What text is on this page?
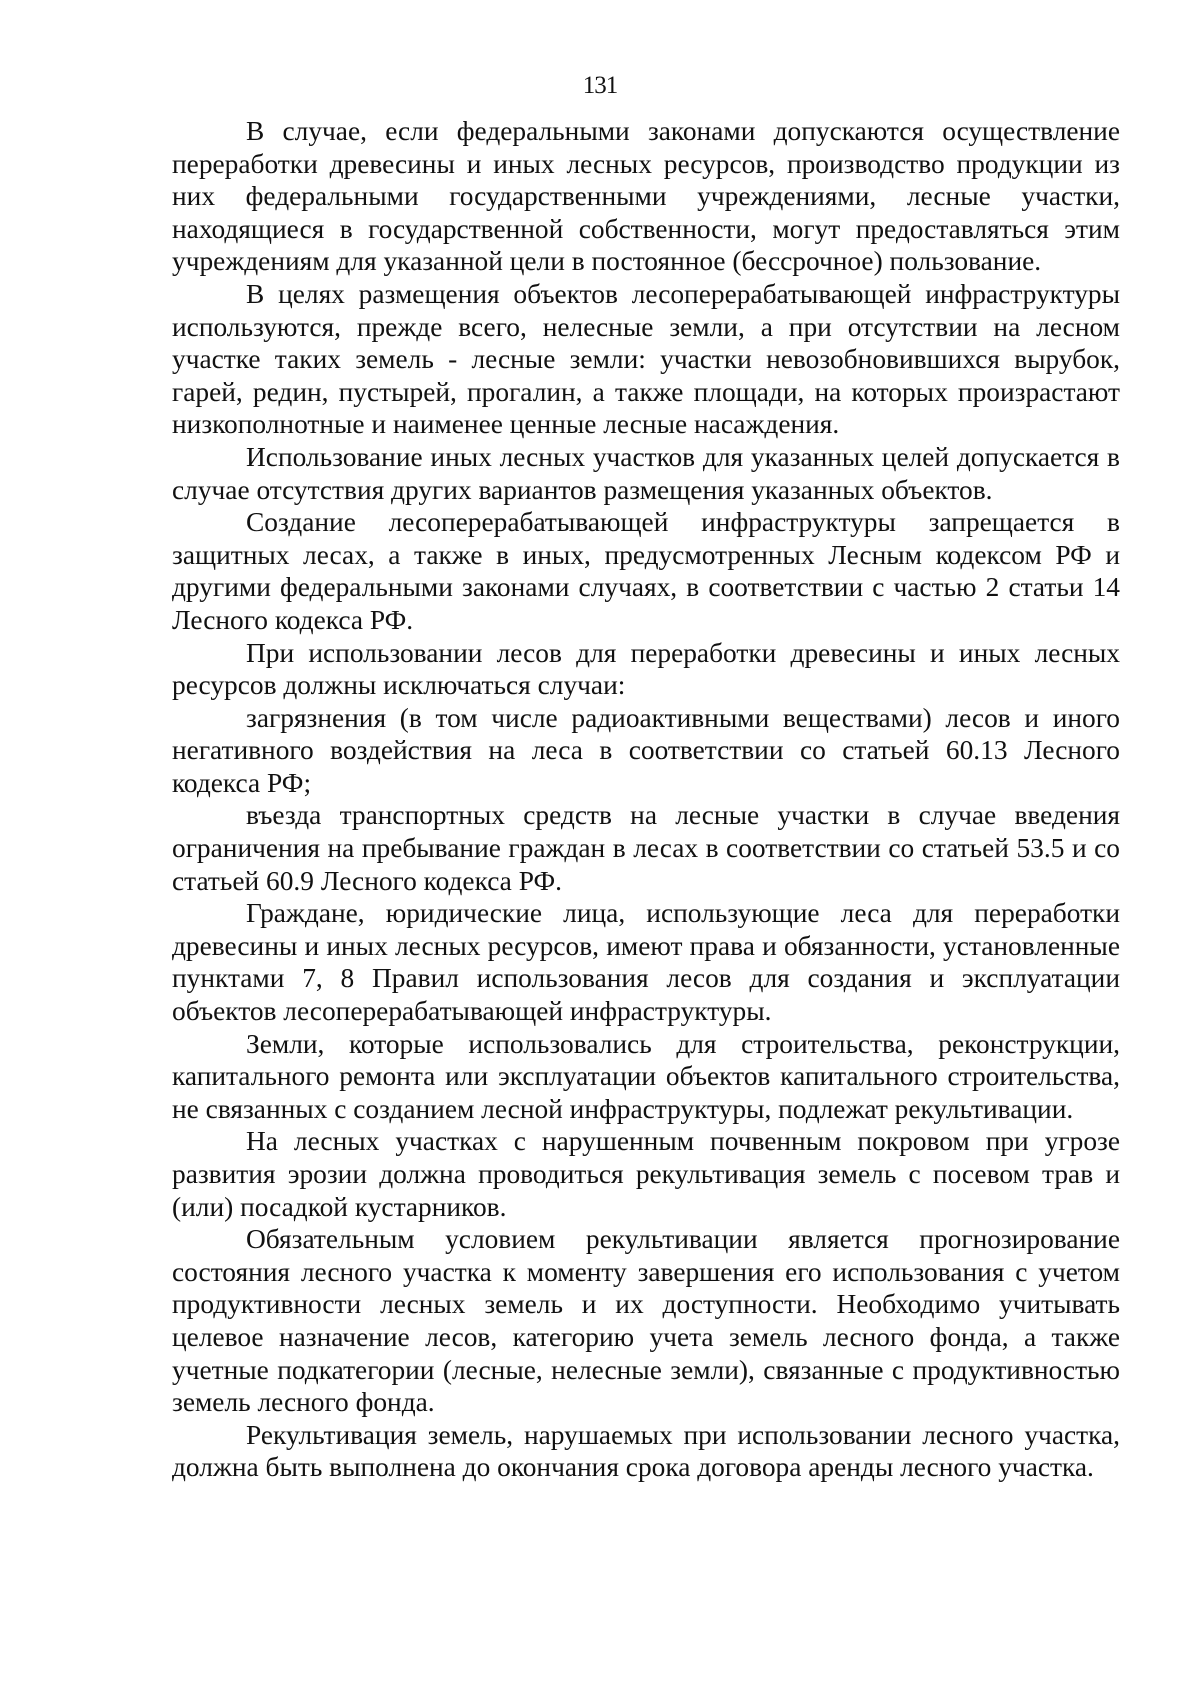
131

В случае, если федеральными законами допускаются осуществление переработки древесины и иных лесных ресурсов, производство продукции из них федеральными государственными учреждениями, лесные участки, находящиеся в государственной собственности, могут предоставляться этим учреждениям для указанной цели в постоянное (бессрочное) пользование.

В целях размещения объектов лесоперерабатывающей инфраструктуры используются, прежде всего, нелесные земли, а при отсутствии на лесном участке таких земель - лесные земли: участки невозобновившихся вырубок, гарей, редин, пустырей, прогалин, а также площади, на которых произрастают низкополнотные и наименее ценные лесные насаждения.

Использование иных лесных участков для указанных целей допускается в случае отсутствия других вариантов размещения указанных объектов.

Создание лесоперерабатывающей инфраструктуры запрещается в защитных лесах, а также в иных, предусмотренных Лесным кодексом РФ и другими федеральными законами случаях, в соответствии с частью 2 статьи 14 Лесного кодекса РФ.

При использовании лесов для переработки древесины и иных лесных ресурсов должны исключаться случаи:

загрязнения (в том числе радиоактивными веществами) лесов и иного негативного воздействия на леса в соответствии со статьей 60.13 Лесного кодекса РФ;

въезда транспортных средств на лесные участки в случае введения ограничения на пребывание граждан в лесах в соответствии со статьей 53.5 и со статьей 60.9 Лесного кодекса РФ.

Граждане, юридические лица, использующие леса для переработки древесины и иных лесных ресурсов, имеют права и обязанности, установленные пунктами 7, 8 Правил использования лесов для создания и эксплуатации объектов лесоперерабатывающей инфраструктуры.

Земли, которые использовались для строительства, реконструкции, капитального ремонта или эксплуатации объектов капитального строительства, не связанных с созданием лесной инфраструктуры, подлежат рекультивации.

На лесных участках с нарушенным почвенным покровом при угрозе развития эрозии должна проводиться рекультивация земель с посевом трав и (или) посадкой кустарников.

Обязательным условием рекультивации является прогнозирование состояния лесного участка к моменту завершения его использования с учетом продуктивности лесных земель и их доступности. Необходимо учитывать целевое назначение лесов, категорию учета земель лесного фонда, а также учетные подкатегории (лесные, нелесные земли), связанные с продуктивностью земель лесного фонда.

Рекультивация земель, нарушаемых при использовании лесного участка, должна быть выполнена до окончания срока договора аренды лесного участка.
